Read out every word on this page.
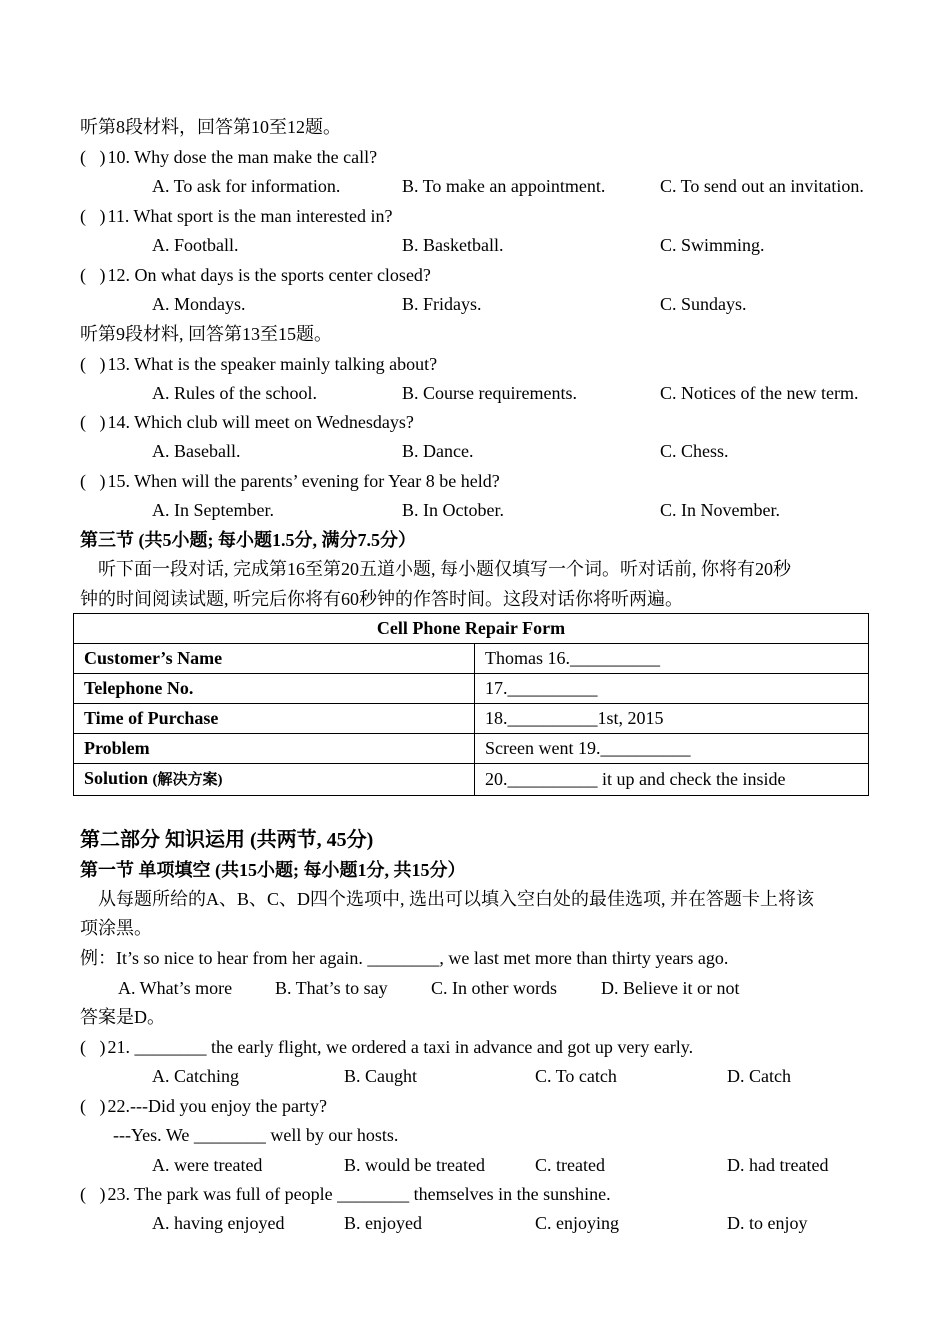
听第8段材料，回答第10至12题。
(   ) 10. Why dose the man make the call?
A. To ask for information.	B. To make an appointment.	C. To send out an invitation.
(   ) 11. What sport is the man interested in?
A. Football.	B. Basketball.	C. Swimming.
(   ) 12. On what days is the sports center closed?
A. Mondays.	B. Fridays.	C. Sundays.
听第9段材料, 回答第13至15题。
(   ) 13. What is the speaker mainly talking about?
A. Rules of the school.	B. Course requirements.	C. Notices of the new term.
(   ) 14. Which club will meet on Wednesdays?
A. Baseball.	B. Dance.	C. Chess.
(   ) 15. When will the parents’ evening for Year 8 be held?
A. In September.	B. In October.	C. In November.
第三节 (共5小题; 每小题1.5分, 满分7.5分）
听下面一段对话, 完成第16至第20五道小题, 每小题仅填写一个词。听对话前, 你将有20秒
钟的时间阅读试题, 听完后你将有60秒钟的作答时间。这段对话你将听两遍。
Cell Phone Repair Form	
Customer’s Name	Thomas 16.__________
Telephone No.	17.__________
Time of Purchase	18.__________1st, 2015
Problem	Screen went 19.__________
Solution (解决方案)	20.__________ it up and check the inside
第二部分 知识运用 (共两节, 45分)
第一节 单项填空 (共15小题; 每小题1分, 共15分）
从每题所给的A、B、C、D四个选项中, 选出可以填入空白处的最佳选项, 并在答题卡上将该
项涂黑。
例：It’s so nice to hear from her again. ________, we last met more than thirty years ago.
A. What’s more B. That’s to say C. In other words D. Believe it or not
答案是D。
(   ) 21. ________ the early flight, we ordered a taxi in advance and got up very early.
A. Catching	B. Caught	C. To catch	D. Catch
(   ) 22.---Did you enjoy the party?
---Yes. We ________ well by our hosts.
A. were treated	B. would be treated	C. treated	D. had treated
(   ) 23. The park was full of people ________ themselves in the sunshine.
A. having enjoyed	B. enjoyed	C. enjoying	D. to enjoy
